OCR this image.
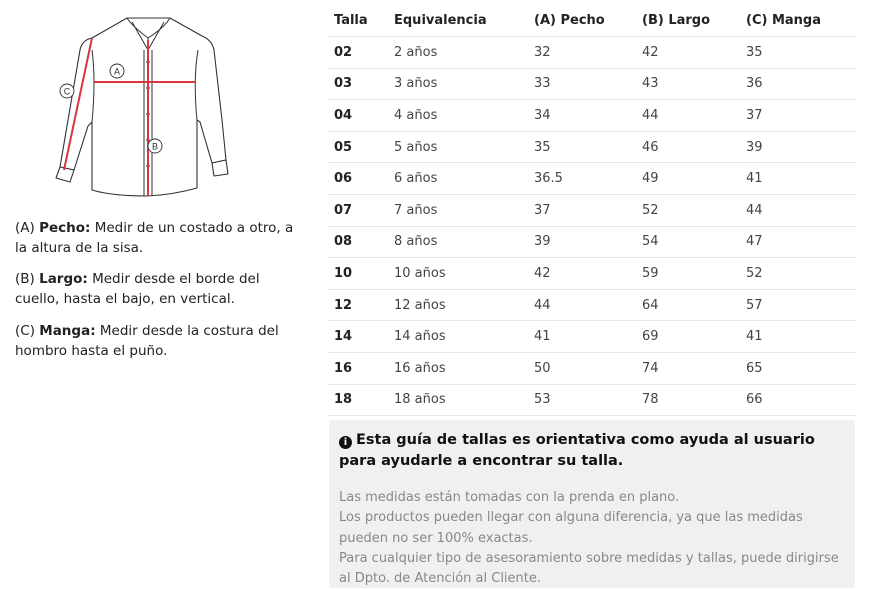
A
B
C
(A) Pecho: Medir de un costado a otro, a la altura de la sisa.
(B) Largo: Medir desde el borde del cuello, hasta el bajo, en vertical.
(C) Manga: Medir desde la costura del hombro hasta el puño.
Talla	Equivalencia	(A) Pecho	(B) Largo	(C) Manga
02	2 años	32	42	35
03	3 años	33	43	36
04	4 años	34	44	37
05	5 años	35	46	39
06	6 años	36.5	49	41
07	7 años	37	52	44
08	8 años	39	54	47
10	10 años	42	59	52
12	12 años	44	64	57
14	14 años	41	69	41
16	16 años	50	74	65
18	18 años	53	78	66
i Esta guía de tallas es orientativa como ayuda al usuario para ayudarle a encontrar su talla.
Las medidas están tomadas con la prenda en plano.
Los productos pueden llegar con alguna diferencia, ya que las medidas pueden no ser 100% exactas.
Para cualquier tipo de asesoramiento sobre medidas y tallas, puede dirigirse al Dpto. de Atención al Cliente.
